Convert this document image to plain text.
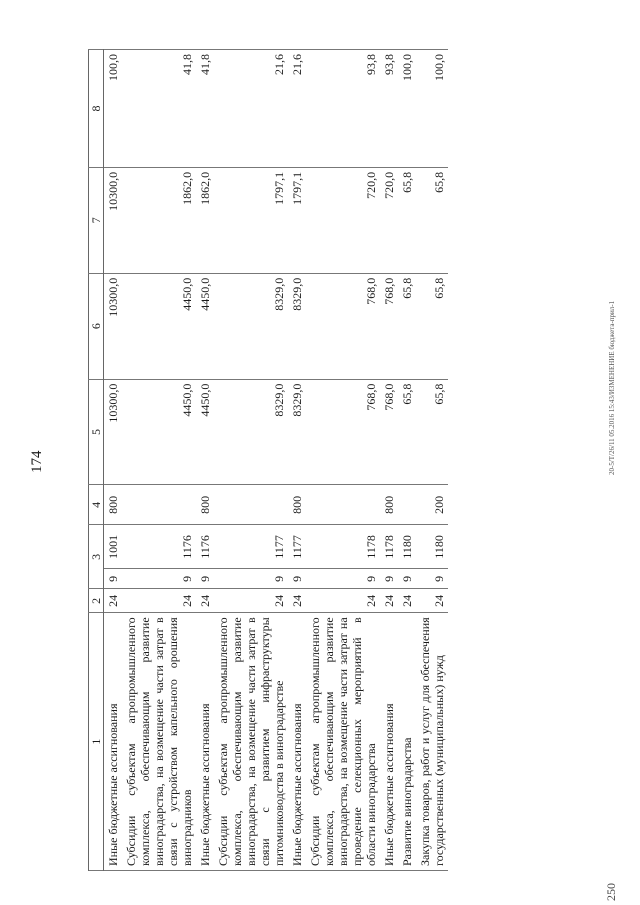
174
1	2	3		4	5	6	7	8
Иные бюджетные ассигнования	24	9	1001	800	10300,0	10300,0	10300,0	100,0
Субсидии субъектам агропромышленного комплекса, обеспечивающим развитие виноградарства, на возмещение части затрат в связи с устройством капельного орошения виноградников	24	9	1176		4450,0	4450,0	1862,0	41,8
Иные бюджетные ассигнования	24	9	1176	800	4450,0	4450,0	1862,0	41,8
Субсидии субъектам агропромышленного комплекса, обеспечивающим развитие виноградарства, на возмещение части затрат в связи с развитием инфраструктуры питомниководства в виноградарстве	24	9	1177		8329,0	8329,0	1797,1	21,6
Иные бюджетные ассигнования	24	9	1177	800	8329,0	8329,0	1797,1	21,6
Субсидии субъектам агропромышленного комплекса, обеспечивающим развитие виноградарства, на возмещение части затрат на проведение селекционных мероприятий в области виноградарства	24	9	1178		768,0	768,0	720,0	93,8
Иные бюджетные ассигнования	24	9	1178	800	768,0	768,0	720,0	93,8
Развитие виноградарства	24	9	1180		65,8	65,8	65,8	100,0
Закупка товаров, работ и услуг для обеспечения государственных (муниципальных) нужд	24	9	1180	200	65,8	65,8	65,8	100,0
20-5/Т/26/11 05.2016 15:43/ИЗМЕНЕНИЕ бюджета-прил-1
250
